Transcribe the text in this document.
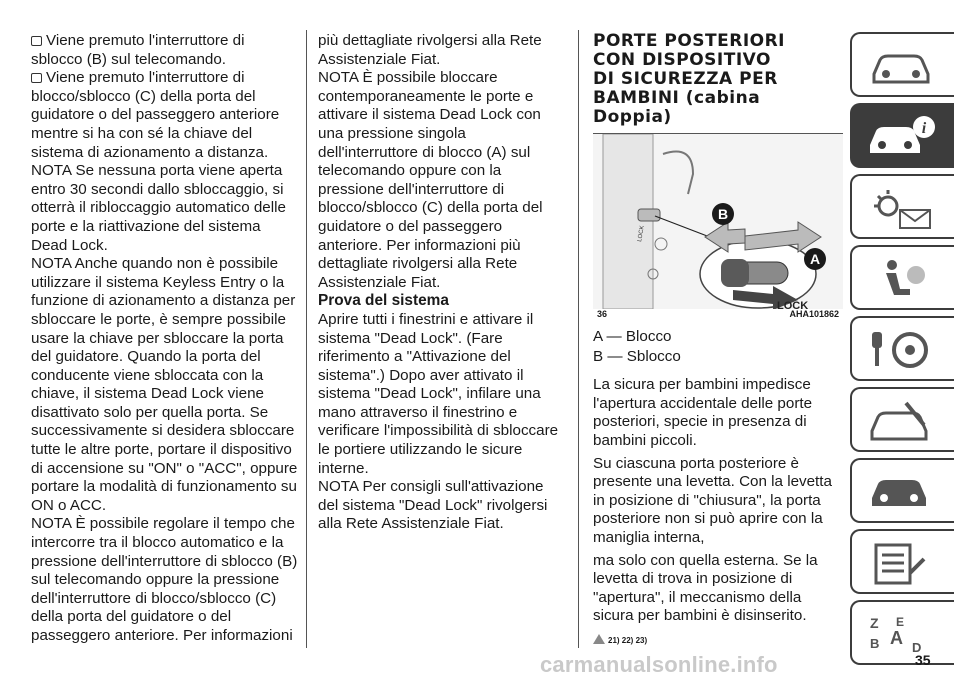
Viene premuto l'interruttore di sblocco (B) sul telecomando.

Viene premuto l'interruttore di blocco/sblocco (C) della porta del guidatore o del passeggero anteriore mentre si ha con sé la chiave del sistema di azionamento a distanza.

NOTA Se nessuna porta viene aperta entro 30 secondi dallo sbloccaggio, si otterrà il ribloccaggio automatico delle porte e la riattivazione del sistema Dead Lock.

NOTA Anche quando non è possibile utilizzare il sistema Keyless Entry o la funzione di azionamento a distanza per sbloccare le porte, è sempre possibile usare la chiave per sbloccare la porta del guidatore. Quando la porta del conducente viene sbloccata con la chiave, il sistema Dead Lock viene disattivato solo per quella porta. Se successivamente si desidera sbloccare tutte le altre porte, portare il dispositivo di accensione su "ON" o "ACC", oppure portare la modalità di funzionamento su ON o ACC.

NOTA È possibile regolare il tempo che intercorre tra il blocco automatico e la pressione dell'interruttore di sblocco (B) sul telecomando oppure la pressione dell'interruttore di blocco/sblocco (C) della porta del guidatore o del passeggero anteriore. Per informazioni

più dettagliate rivolgersi alla Rete Assistenziale Fiat.

NOTA È possibile bloccare contemporaneamente le porte e attivare il sistema Dead Lock con una pressione singola dell'interruttore di blocco (A) sul telecomando oppure con la pressione dell'interruttore di blocco/sblocco (C) della porta del guidatore o del passeggero anteriore. Per informazioni più dettagliate rivolgersi alla Rete Assistenziale Fiat.

Prova del sistema

Aprire tutti i finestrini e attivare il sistema "Dead Lock". (Fare riferimento a "Attivazione del sistema".) Dopo aver attivato il sistema "Dead Lock", infilare una mano attraverso il finestrino e verificare l'impossibilità di sbloccare le portiere utilizzando le sicure interne.

NOTA Per consigli sull'attivazione del sistema "Dead Lock" rivolgersi alla Rete Assistenziale Fiat.

PORTE POSTERIORI CON DISPOSITIVO DI SICUREZZA PER BAMBINI (cabina Doppia)
B
A
LOCK
LOCK
36	AHA101862

A — Blocco

B — Sblocco

La sicura per bambini impedisce l'apertura accidentale delle porte posteriori, specie in presenza di bambini piccoli.

Su ciascuna porta posteriore è presente una levetta. Con la levetta in posizione di "chiusura", la porta posteriore non si può aprire con la maniglia interna,

ma solo con quella esterna. Se la levetta di trova in posizione di "apertura", il meccanismo della sicura per bambini è disinserito.

21) 22) 23)
i
Z E
B A D
carmanualsonline.info	35
